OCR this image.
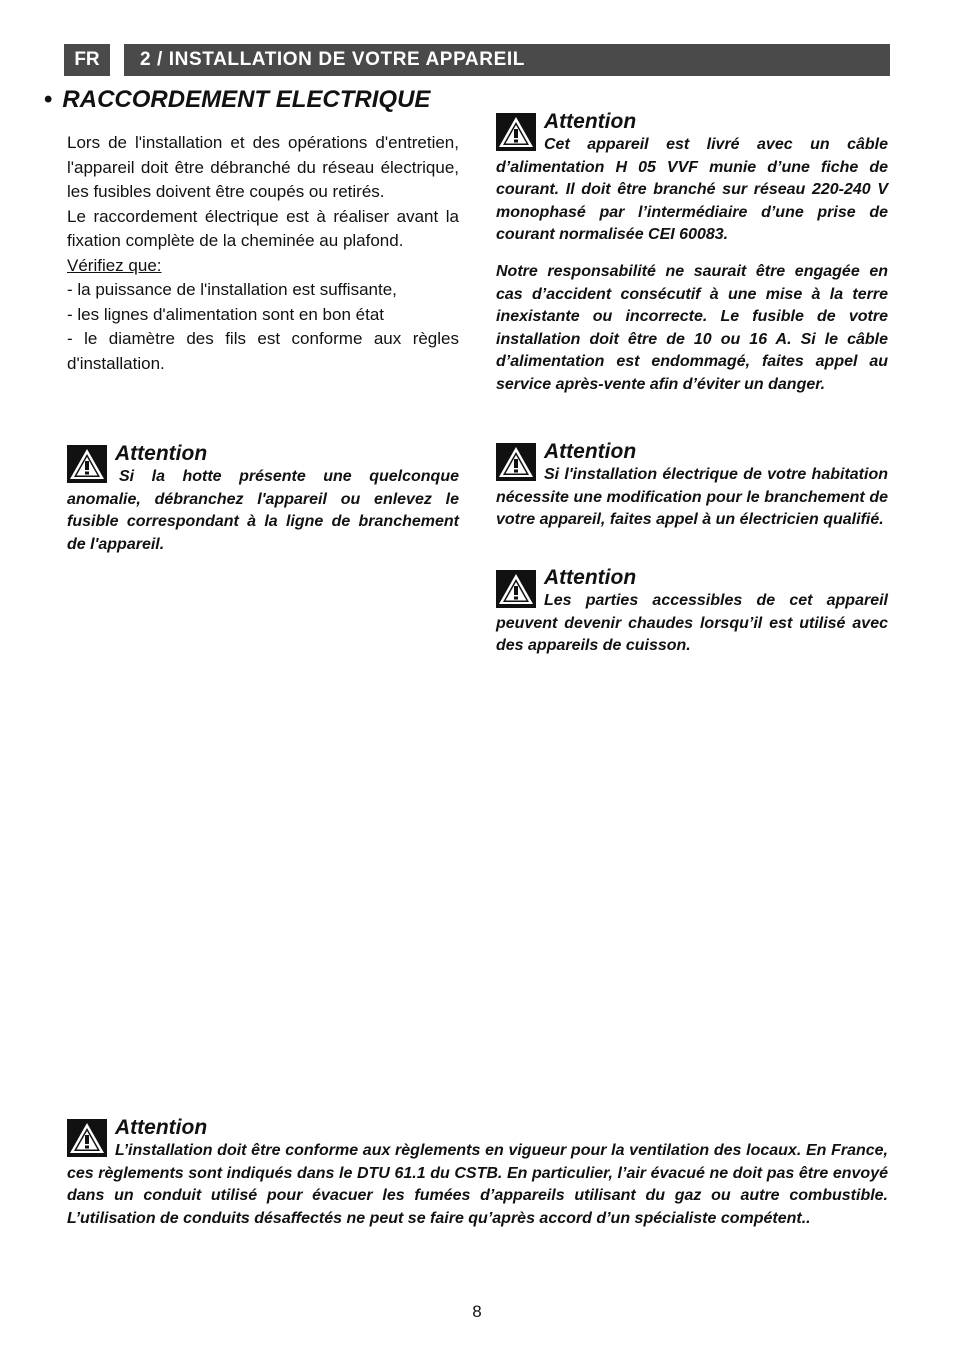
FR	2 / INSTALLATION DE VOTRE APPAREIL
• RACCORDEMENT ELECTRIQUE

Lors de l'installation et des opérations d'entretien, l'appareil doit être débranché du réseau électrique, les fusibles doivent être coupés ou retirés.

Le raccordement électrique est à réaliser avant la fixation complète de la cheminée au plafond.

Vérifiez que:

- la puissance de l'installation est suffisante,

- les lignes d'alimentation sont en bon état

- le diamètre des fils est conforme aux règles d'installation.

Attention

Si la hotte présente une quelconque anomalie, débranchez l'appareil ou enlevez le fusible correspondant à la ligne de branchement de l'appareil.

Attention

Cet appareil est livré avec un câble d’alimentation H 05 VVF munie d’une fiche de courant. Il doit être branché sur réseau 220-240 V monophasé par l’intermédiaire d’une prise de courant normalisée CEI 60083.

Notre responsabilité ne saurait être engagée en cas d’accident consécutif à une mise à la terre inexistante ou incorrecte. Le fusible de votre installation doit être de 10 ou 16 A. Si le câble d’alimentation est endommagé, faites appel au service après-vente afin d’éviter un danger.

Attention

Si l'installation électrique de votre habitation nécessite une modification pour le branchement de votre appareil, faites appel à un électricien qualifié.

Attention

Les parties accessibles de cet appareil peuvent devenir chaudes lorsqu’il est utilisé avec des appareils de cuisson.

Attention

L’installation doit être conforme aux règlements en vigueur pour la ventilation des locaux. En France, ces règlements sont indiqués dans le DTU 61.1 du CSTB. En particulier, l’air évacué ne doit pas être envoyé dans un conduit utilisé pour évacuer les fumées d’appareils utilisant du gaz ou autre combustible. L’utilisation de conduits désaffectés ne peut se faire qu’après accord d’un spécialiste compétent..

8
